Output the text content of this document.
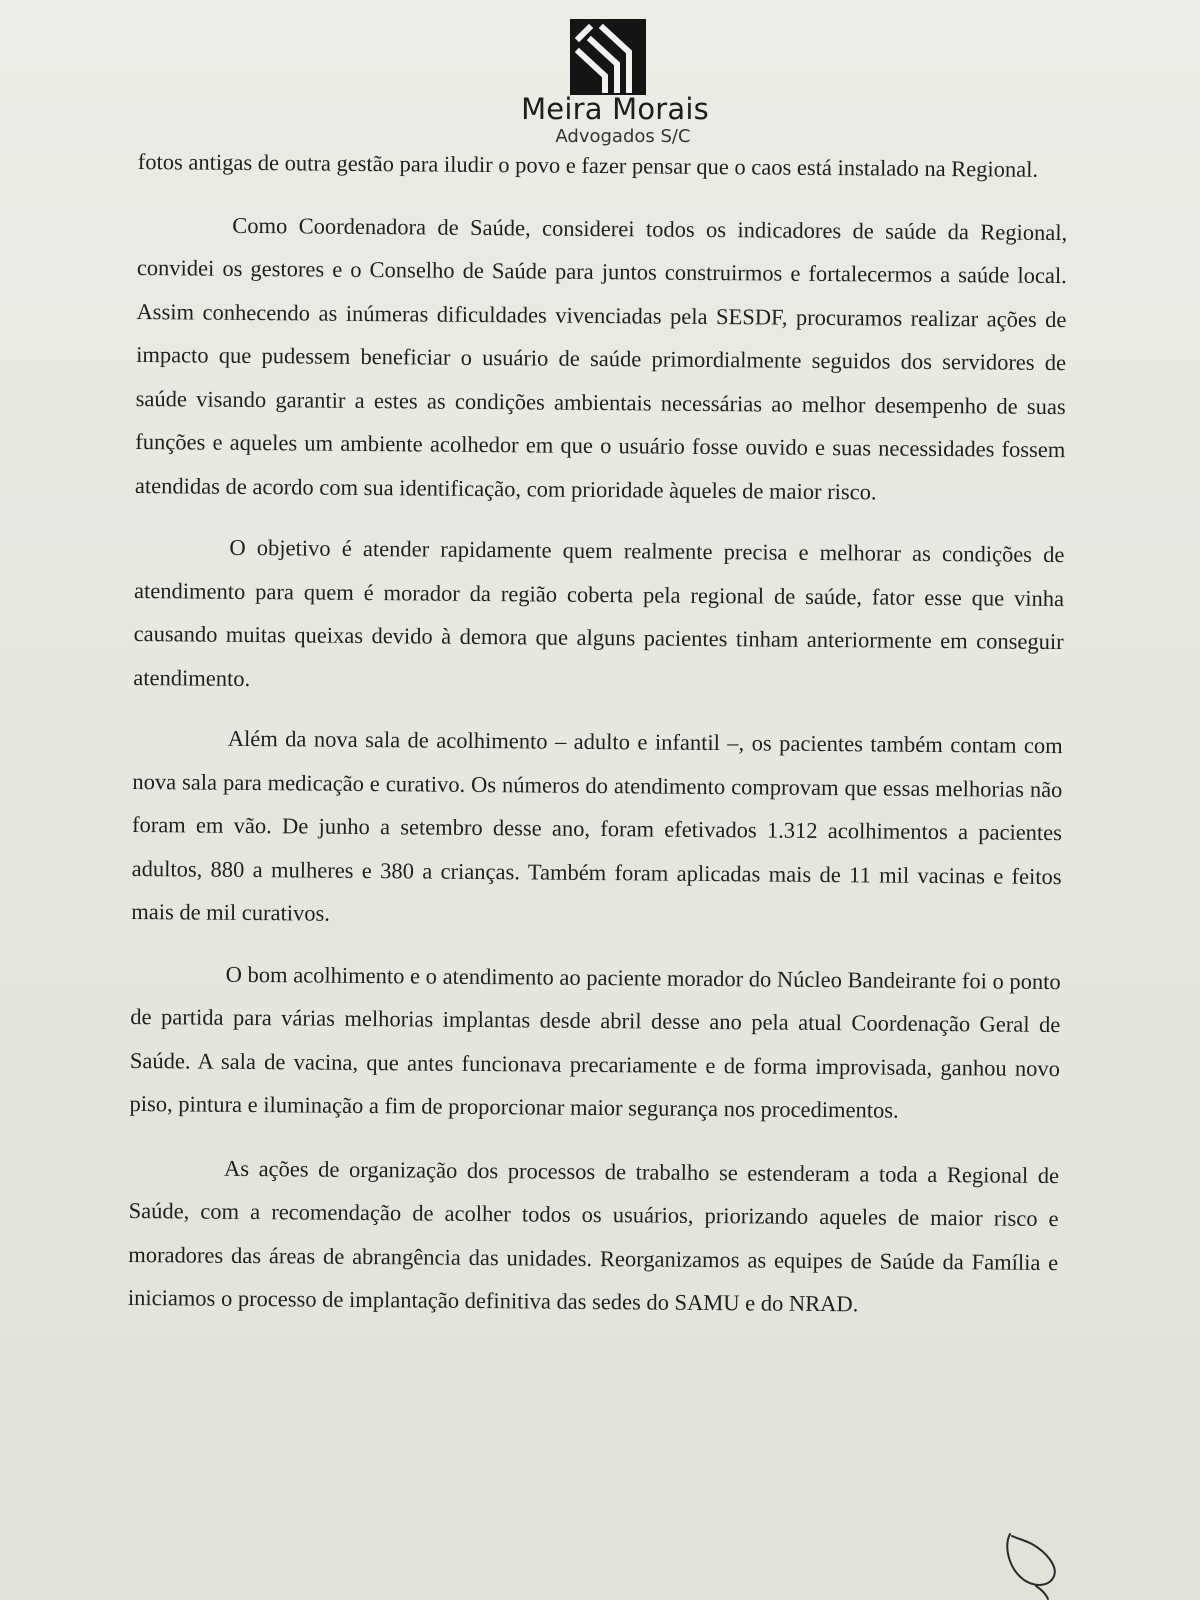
Meira Morais
Advogados S/C

fotos antigas de outra gestão para iludir o povo e fazer pensar que o caos está instalado na Regional.

Como Coordenadora de Saúde, considerei todos os indicadores de saúde da Regional, convidei os gestores e o Conselho de Saúde para juntos construirmos e fortalecermos a saúde local. Assim conhecendo as inúmeras dificuldades vivenciadas pela SESDF, procuramos realizar ações de impacto que pudessem beneficiar o usuário de saúde primordialmente seguidos dos servidores de saúde visando garantir a estes as condições ambientais necessárias ao melhor desempenho de suas funções e aqueles um ambiente acolhedor em que o usuário fosse ouvido e suas necessidades fossem atendidas de acordo com sua identificação, com prioridade àqueles de maior risco.

O objetivo é atender rapidamente quem realmente precisa e melhorar as condições de atendimento para quem é morador da região coberta pela regional de saúde, fator esse que vinha causando muitas queixas devido à demora que alguns pacientes tinham anteriormente em conseguir atendimento.

Além da nova sala de acolhimento – adulto e infantil –, os pacientes também contam com nova sala para medicação e curativo. Os números do atendimento comprovam que essas melhorias não foram em vão. De junho a setembro desse ano, foram efetivados 1.312 acolhimentos a pacientes adultos, 880 a mulheres e 380 a crianças. Também foram aplicadas mais de 11 mil vacinas e feitos mais de mil curativos.

O bom acolhimento e o atendimento ao paciente morador do Núcleo Bandeirante foi o ponto de partida para várias melhorias implantas desde abril desse ano pela atual Coordenação Geral de Saúde. A sala de vacina, que antes funcionava precariamente e de forma improvisada, ganhou novo piso, pintura e iluminação a fim de proporcionar maior segurança nos procedimentos.

As ações de organização dos processos de trabalho se estenderam a toda a Regional de Saúde, com a recomendação de acolher todos os usuários, priorizando aqueles de maior risco e moradores das áreas de abrangência das unidades. Reorganizamos as equipes de Saúde da Família e iniciamos o processo de implantação definitiva das sedes do SAMU e do NRAD.
